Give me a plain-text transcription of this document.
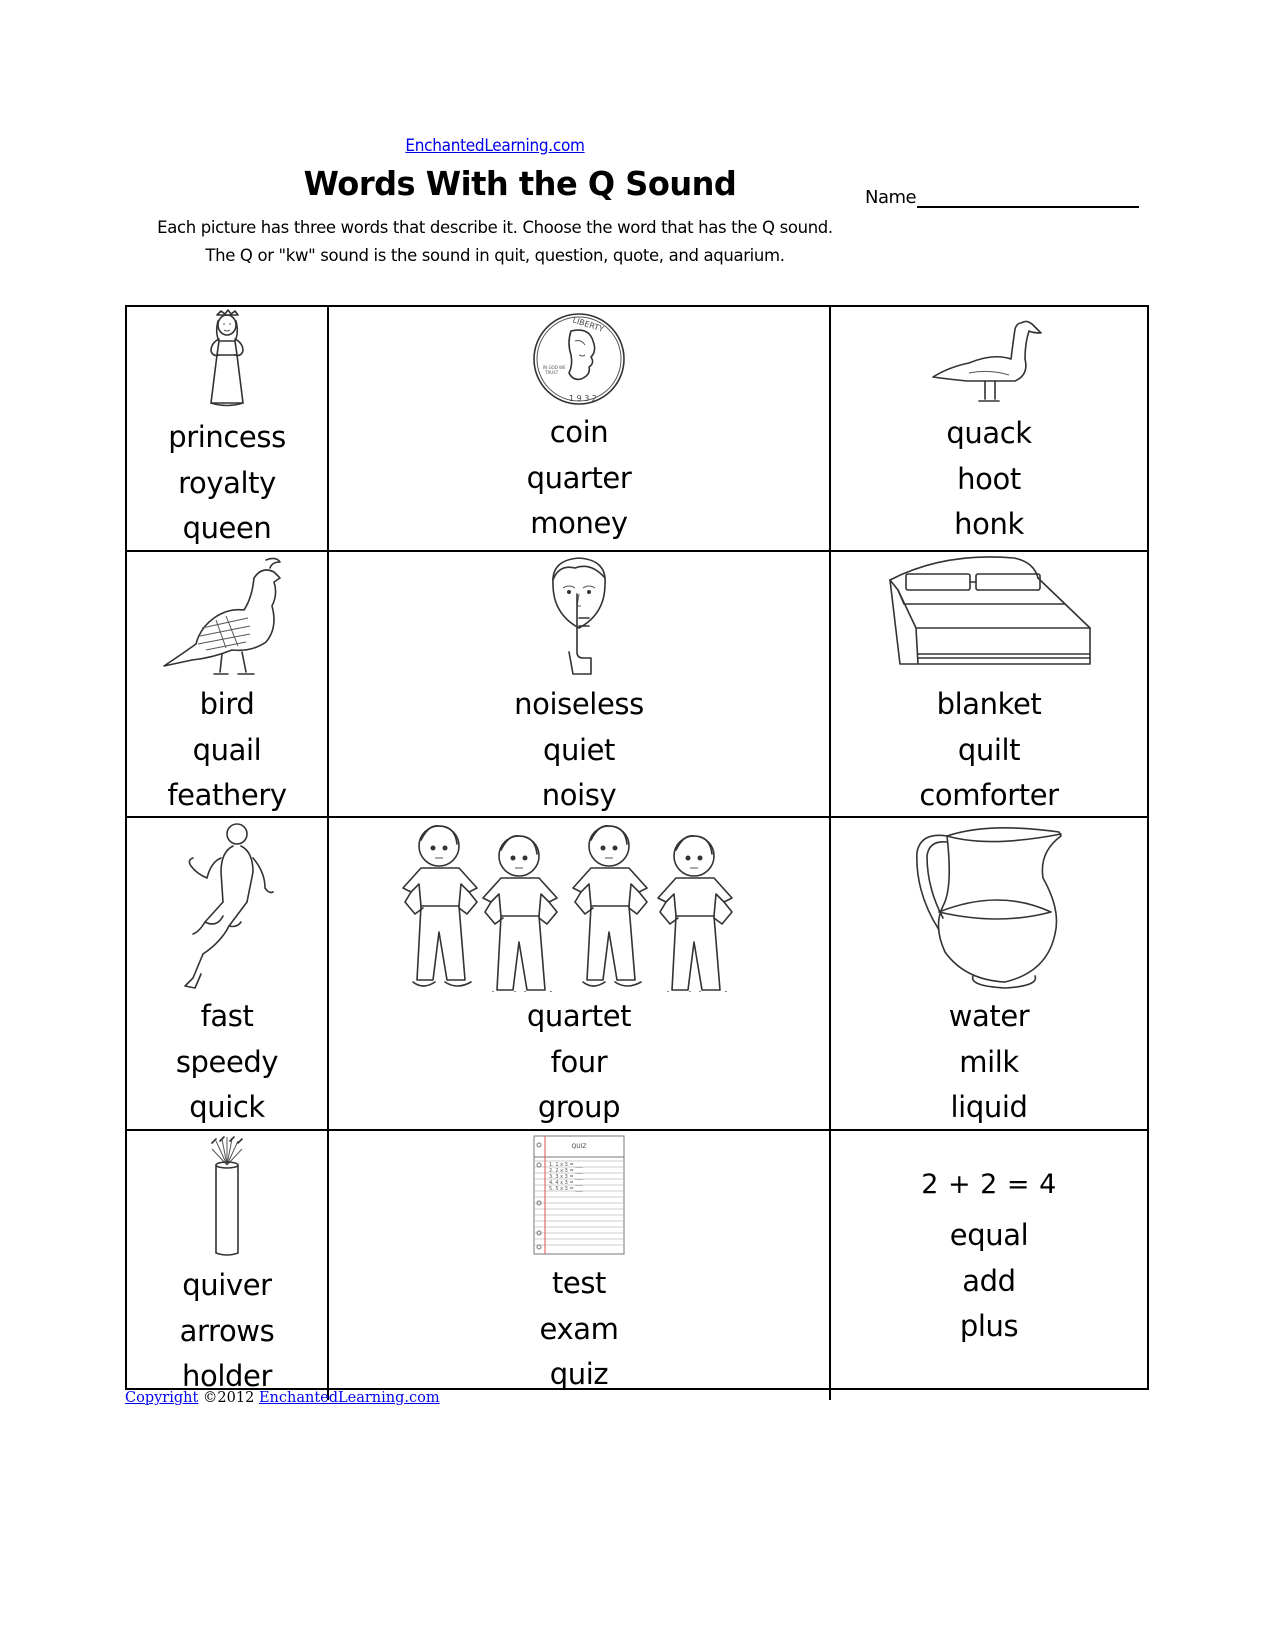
EnchantedLearning.com
Words With the Q Sound	Name
Each picture has three words that describe it. Choose the word that has the Q sound. The Q or "kw" sound is the sound in quit, question, quote, and aquarium.
princess
royalty
queen
LIBERTY
1 9 3 2
IN GOD WE
TRUST
coin
quarter
money
quack
hoot
honk
bird
quail
feathery
noiseless
quiet
noisy
blanket
quilt
comforter
fast
speedy
quick
quartet
four
group
water
milk
liquid
quiver
arrows
holder
QUIZ
1. 1 x 3 = ___
2. 2 x 3 = ___
3. 3 x 3 = ___
4. 4 x 3 = ___
5. 5 x 3 = ___
test
exam
quiz
2 + 2 = 4
equal
add
plus
Copyright ©2012 EnchantedLearning.com
